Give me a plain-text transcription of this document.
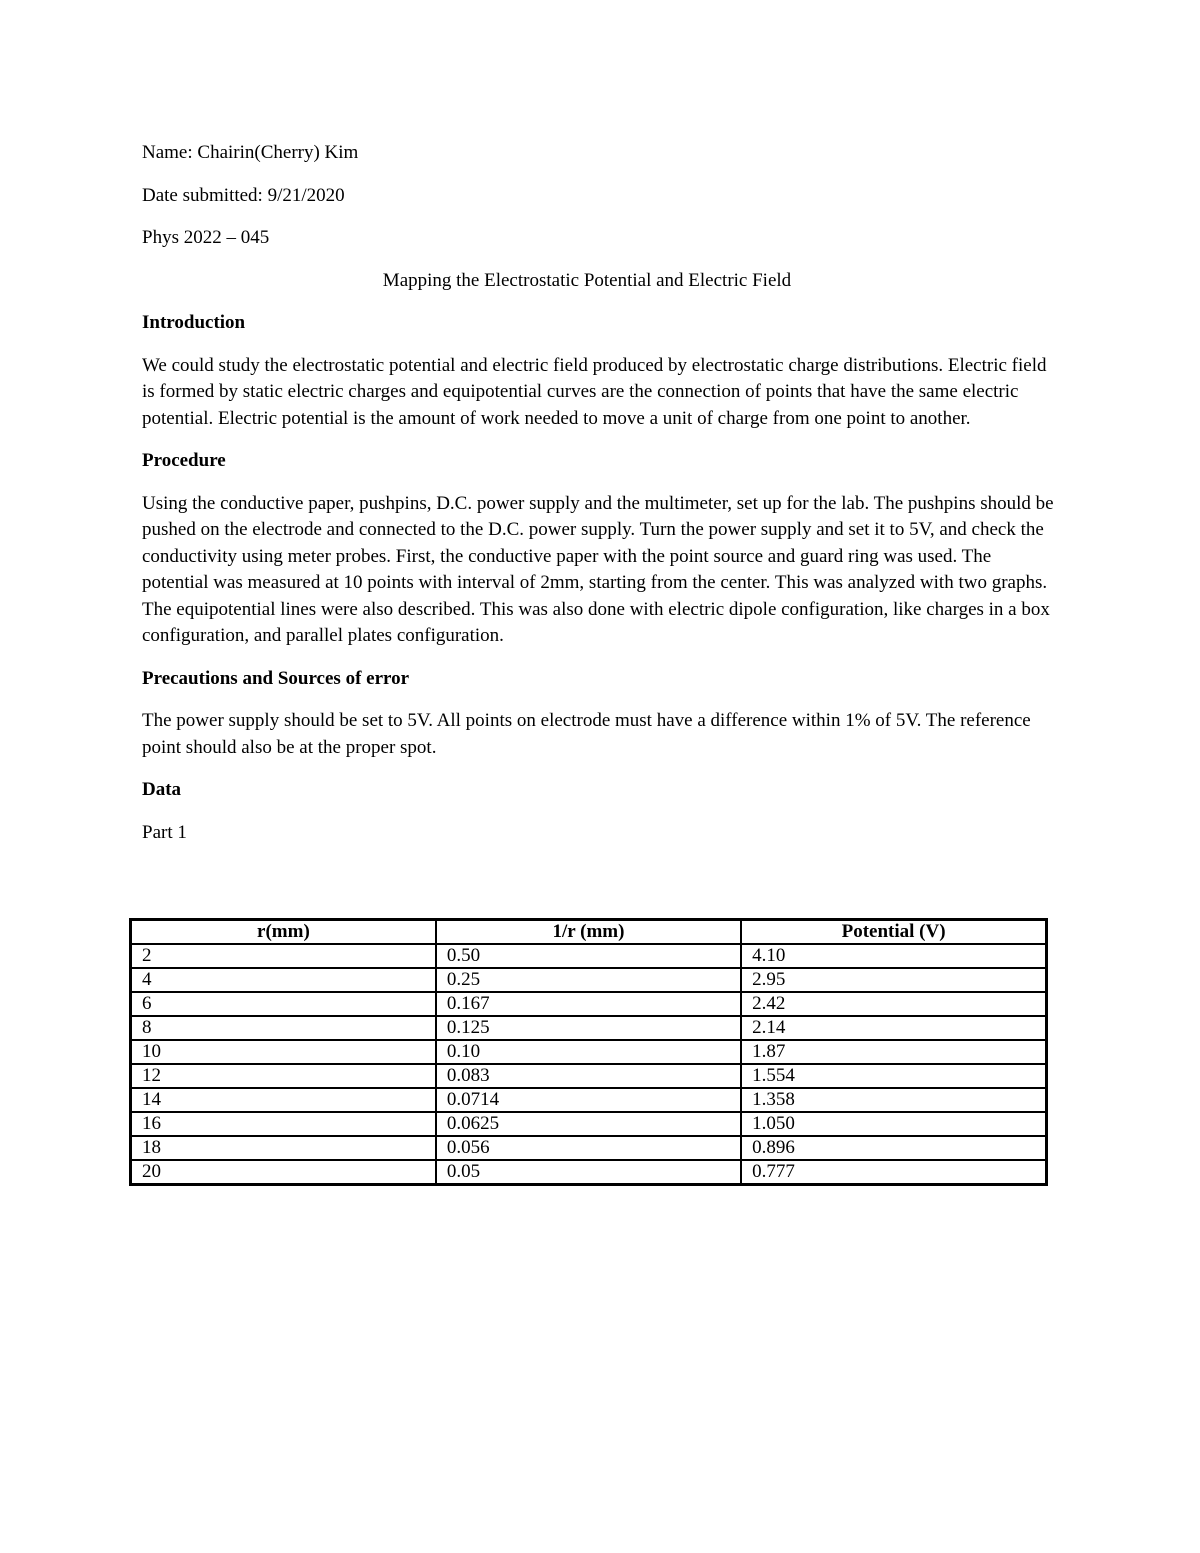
Name: Chairin(Cherry) Kim

Date submitted: 9/21/2020

Phys 2022 – 045

Mapping the Electrostatic Potential and Electric Field

Introduction

We could study the electrostatic potential and electric field produced by electrostatic charge distributions. Electric field is formed by static electric charges and equipotential curves are the connection of points that have the same electric potential. Electric potential is the amount of work needed to move a unit of charge from one point to another.

Procedure

Using the conductive paper, pushpins, D.C. power supply and the multimeter, set up for the lab. The pushpins should be pushed on the electrode and connected to the D.C. power supply. Turn the power supply and set it to 5V, and check the conductivity using meter probes. First, the conductive paper with the point source and guard ring was used. The potential was measured at 10 points with interval of 2mm, starting from the center. This was analyzed with two graphs. The equipotential lines were also described. This was also done with electric dipole configuration, like charges in a box configuration, and parallel plates configuration.

Precautions and Sources of error

The power supply should be set to 5V. All points on electrode must have a difference within 1% of 5V. The reference point should also be at the proper spot.

Data

Part 1

r(mm)	1/r (mm)	Potential (V)
2	0.50	4.10
4	0.25	2.95
6	0.167	2.42
8	0.125	2.14
10	0.10	1.87
12	0.083	1.554
14	0.0714	1.358
16	0.0625	1.050
18	0.056	0.896
20	0.05	0.777
